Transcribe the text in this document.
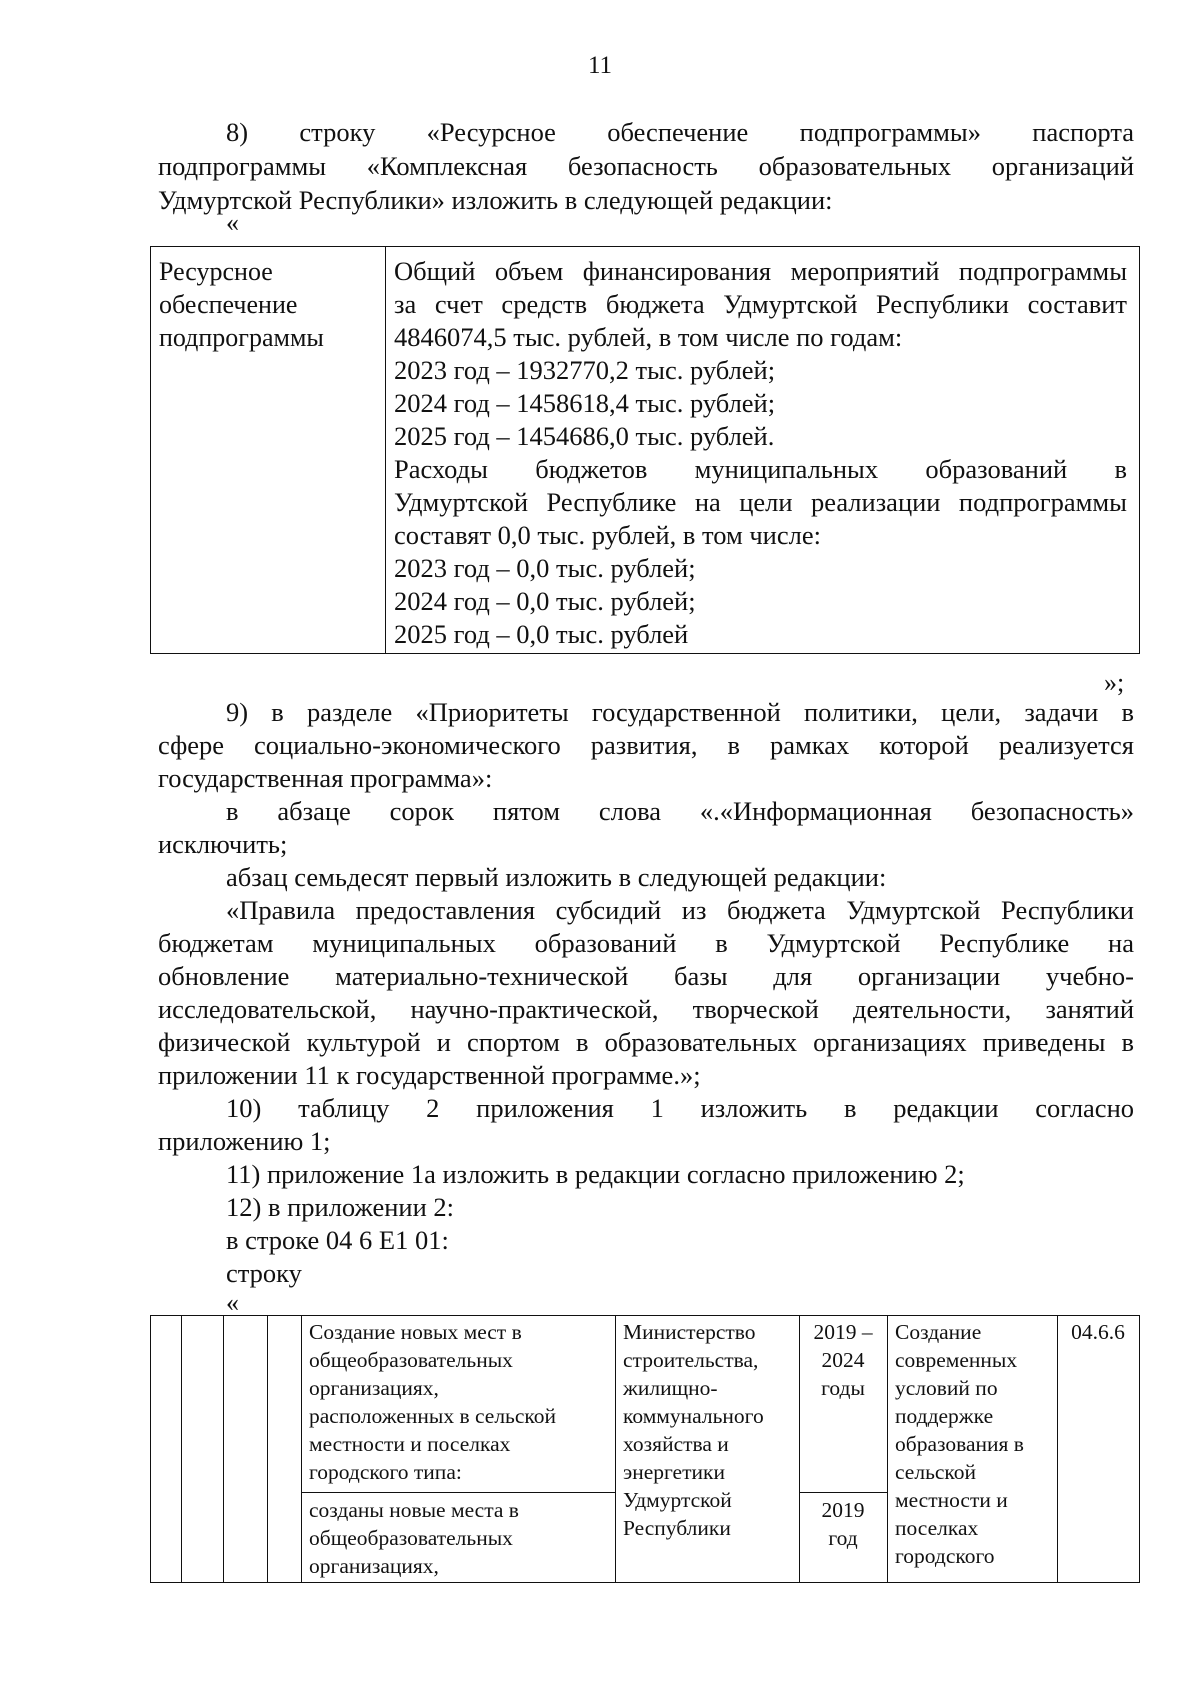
11
8) строку «Ресурсное обеспечение подпрограммы» паспорта
подпрограммы «Комплексная безопасность образовательных организаций
Удмуртской Республики» изложить в следующей редакции:
«
Ресурсное
обеспечение
подпрограммы
Общий объем финансирования мероприятий подпрограммы
за счет средств бюджета Удмуртской Республики составит
4846074,5 тыс. рублей, в том числе по годам:
2023 год – 1932770,2 тыс. рублей;
2024 год – 1458618,4 тыс. рублей;
2025 год – 1454686,0 тыс. рублей.
Расходы бюджетов муниципальных образований в
Удмуртской Республике на цели реализации подпрограммы
составят 0,0 тыс. рублей, в том числе:
2023 год – 0,0 тыс. рублей;
2024 год – 0,0 тыс. рублей;
2025 год – 0,0 тыс. рублей
»;
9) в разделе «Приоритеты государственной политики, цели, задачи в
сфере социально-экономического развития, в рамках которой реализуется
государственная программа»:
в абзаце сорок пятом слова «.«Информационная безопасность»
исключить;
абзац семьдесят первый изложить в следующей редакции:
«Правила предоставления субсидий из бюджета Удмуртской Республики
бюджетам муниципальных образований в Удмуртской Республике на
обновление материально-технической базы для организации учебно-
исследовательской, научно-практической, творческой деятельности, занятий
физической культурой и спортом в образовательных организациях приведены в
приложении 11 к государственной программе.»;
10) таблицу 2 приложения 1 изложить в редакции согласно
приложению 1;
11) приложение 1а изложить в редакции согласно приложению 2;
12) в приложении 2:
в строке 04 6 Е1 01:
строку
«
Создание новых мест в
общеобразовательных
организациях,
расположенных в сельской
местности и поселках
городского типа:
созданы новые места в
общеобразовательных
организациях,
Министерство
строительства,
жилищно-
коммунального
хозяйства и
энергетики
Удмуртской
Республики
2019 –
2024
годы
2019
год
Создание
современных
условий по
поддержке
образования в
сельской
местности и
поселках
городского
04.6.6
